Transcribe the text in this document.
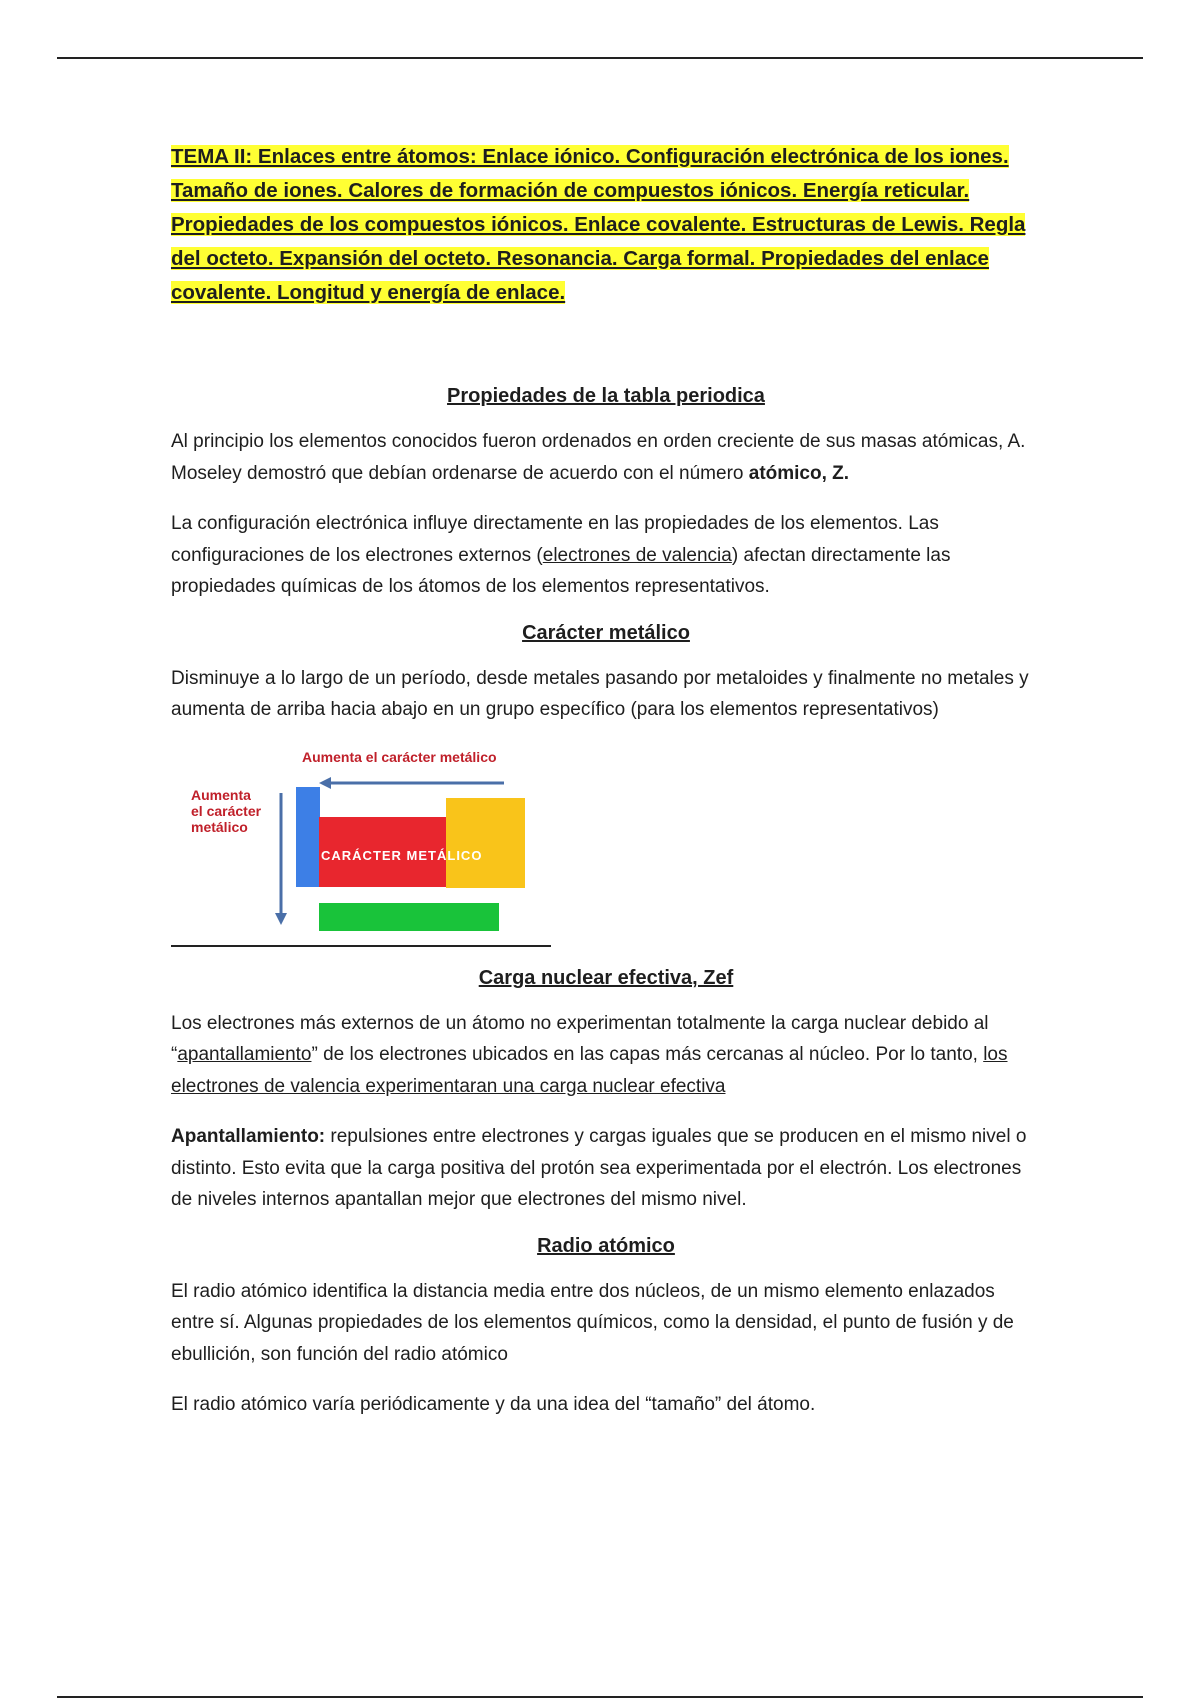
TEMA II: Enlaces entre átomos: Enlace iónico. Configuración electrónica de los iones. Tamaño de iones. Calores de formación de compuestos iónicos. Energía reticular. Propiedades de los compuestos iónicos. Enlace covalente. Estructuras de Lewis. Regla del octeto. Expansión del octeto. Resonancia. Carga formal. Propiedades del enlace covalente. Longitud y energía de enlace.

Propiedades de la tabla periodica

Al principio los elementos conocidos fueron ordenados en orden creciente de sus masas atómicas, A. Moseley demostró que debían ordenarse de acuerdo con el número atómico, Z.

La configuración electrónica influye directamente en las propiedades de los elementos. Las configuraciones de los electrones externos (electrones de valencia) afectan directamente las propiedades químicas de los átomos de los elementos representativos.

Carácter metálico

Disminuye a lo largo de un período, desde metales pasando por metaloides y finalmente no metales y aumenta de arriba hacia abajo en un grupo específico (para los elementos representativos)

Aumenta el carácter metálico
Aumenta
el carácter
metálico
CARÁCTER METÁLICO
Carga nuclear efectiva, Zef

Los electrones más externos de un átomo no experimentan totalmente la carga nuclear debido al “apantallamiento” de los electrones ubicados en las capas más cercanas al núcleo. Por lo tanto, los electrones de valencia experimentaran una carga nuclear efectiva

Apantallamiento: repulsiones entre electrones y cargas iguales que se producen en el mismo nivel o distinto. Esto evita que la carga positiva del protón sea experimentada por el electrón. Los electrones de niveles internos apantallan mejor que electrones del mismo nivel.

Radio atómico

El radio atómico identifica la distancia media entre dos núcleos, de un mismo elemento enlazados entre sí. Algunas propiedades de los elementos químicos, como la densidad, el punto de fusión y de ebullición, son función del radio atómico

El radio atómico varía periódicamente y da una idea del “tamaño” del átomo.
